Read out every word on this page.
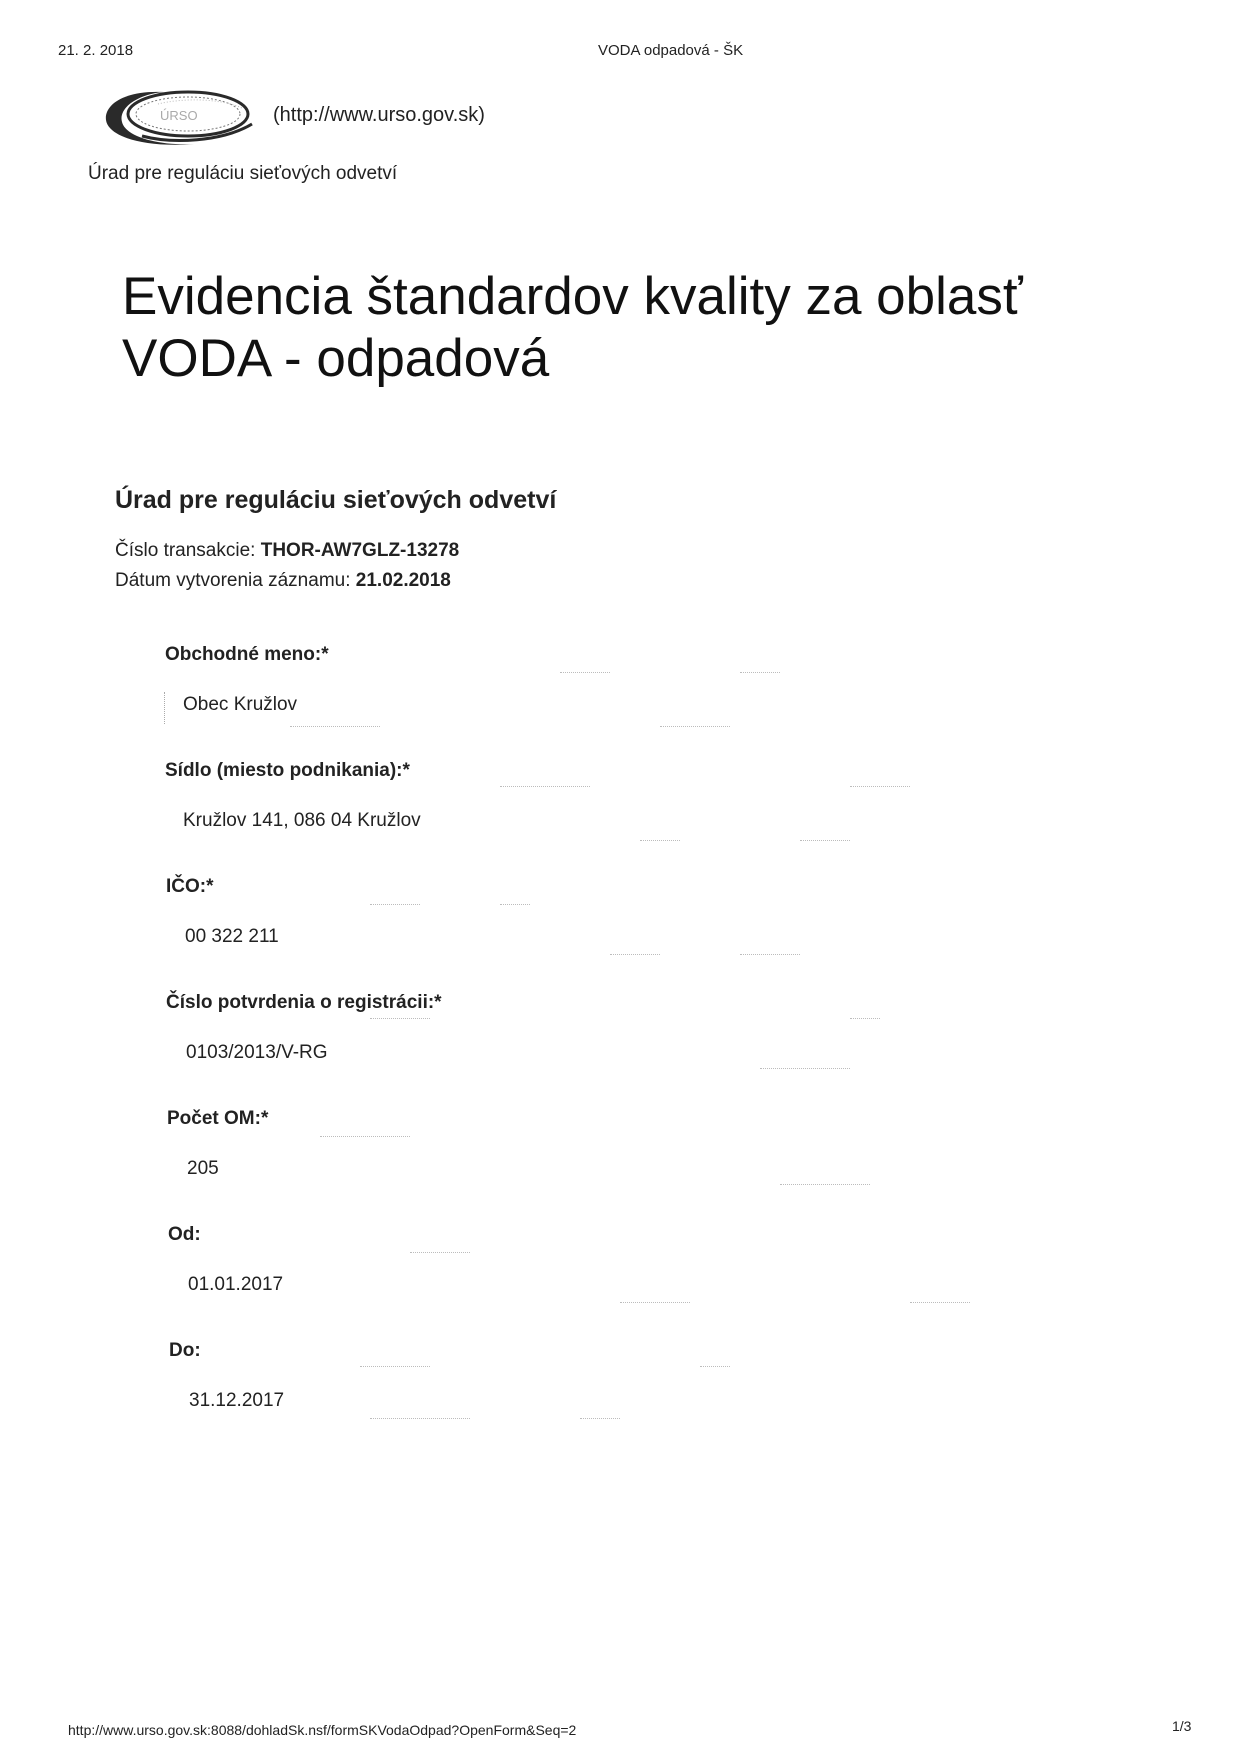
21. 2. 2018	VODA odpadová - ŠK
ÚRSO	(http://www.urso.gov.sk)
Úrad pre reguláciu sieťových odvetví
Evidencia štandardov kvality za oblasť
VODA - odpadová
Úrad pre reguláciu sieťových odvetví
Číslo transakcie: THOR-AW7GLZ-13278
Dátum vytvorenia záznamu: 21.02.2018
Obchodné meno:*
Obec Kružlov
Sídlo (miesto podnikania):*
Kružlov 141, 086 04 Kružlov
IČO:*
00 322 211
Číslo potvrdenia o registrácii:*
0103/2013/V-RG
Počet OM:*
205
Od:
01.01.2017
Do:
31.12.2017
http://www.urso.gov.sk:8088/dohladSk.nsf/formSKVodaOdpad?OpenForm&Seq=2	1/3
